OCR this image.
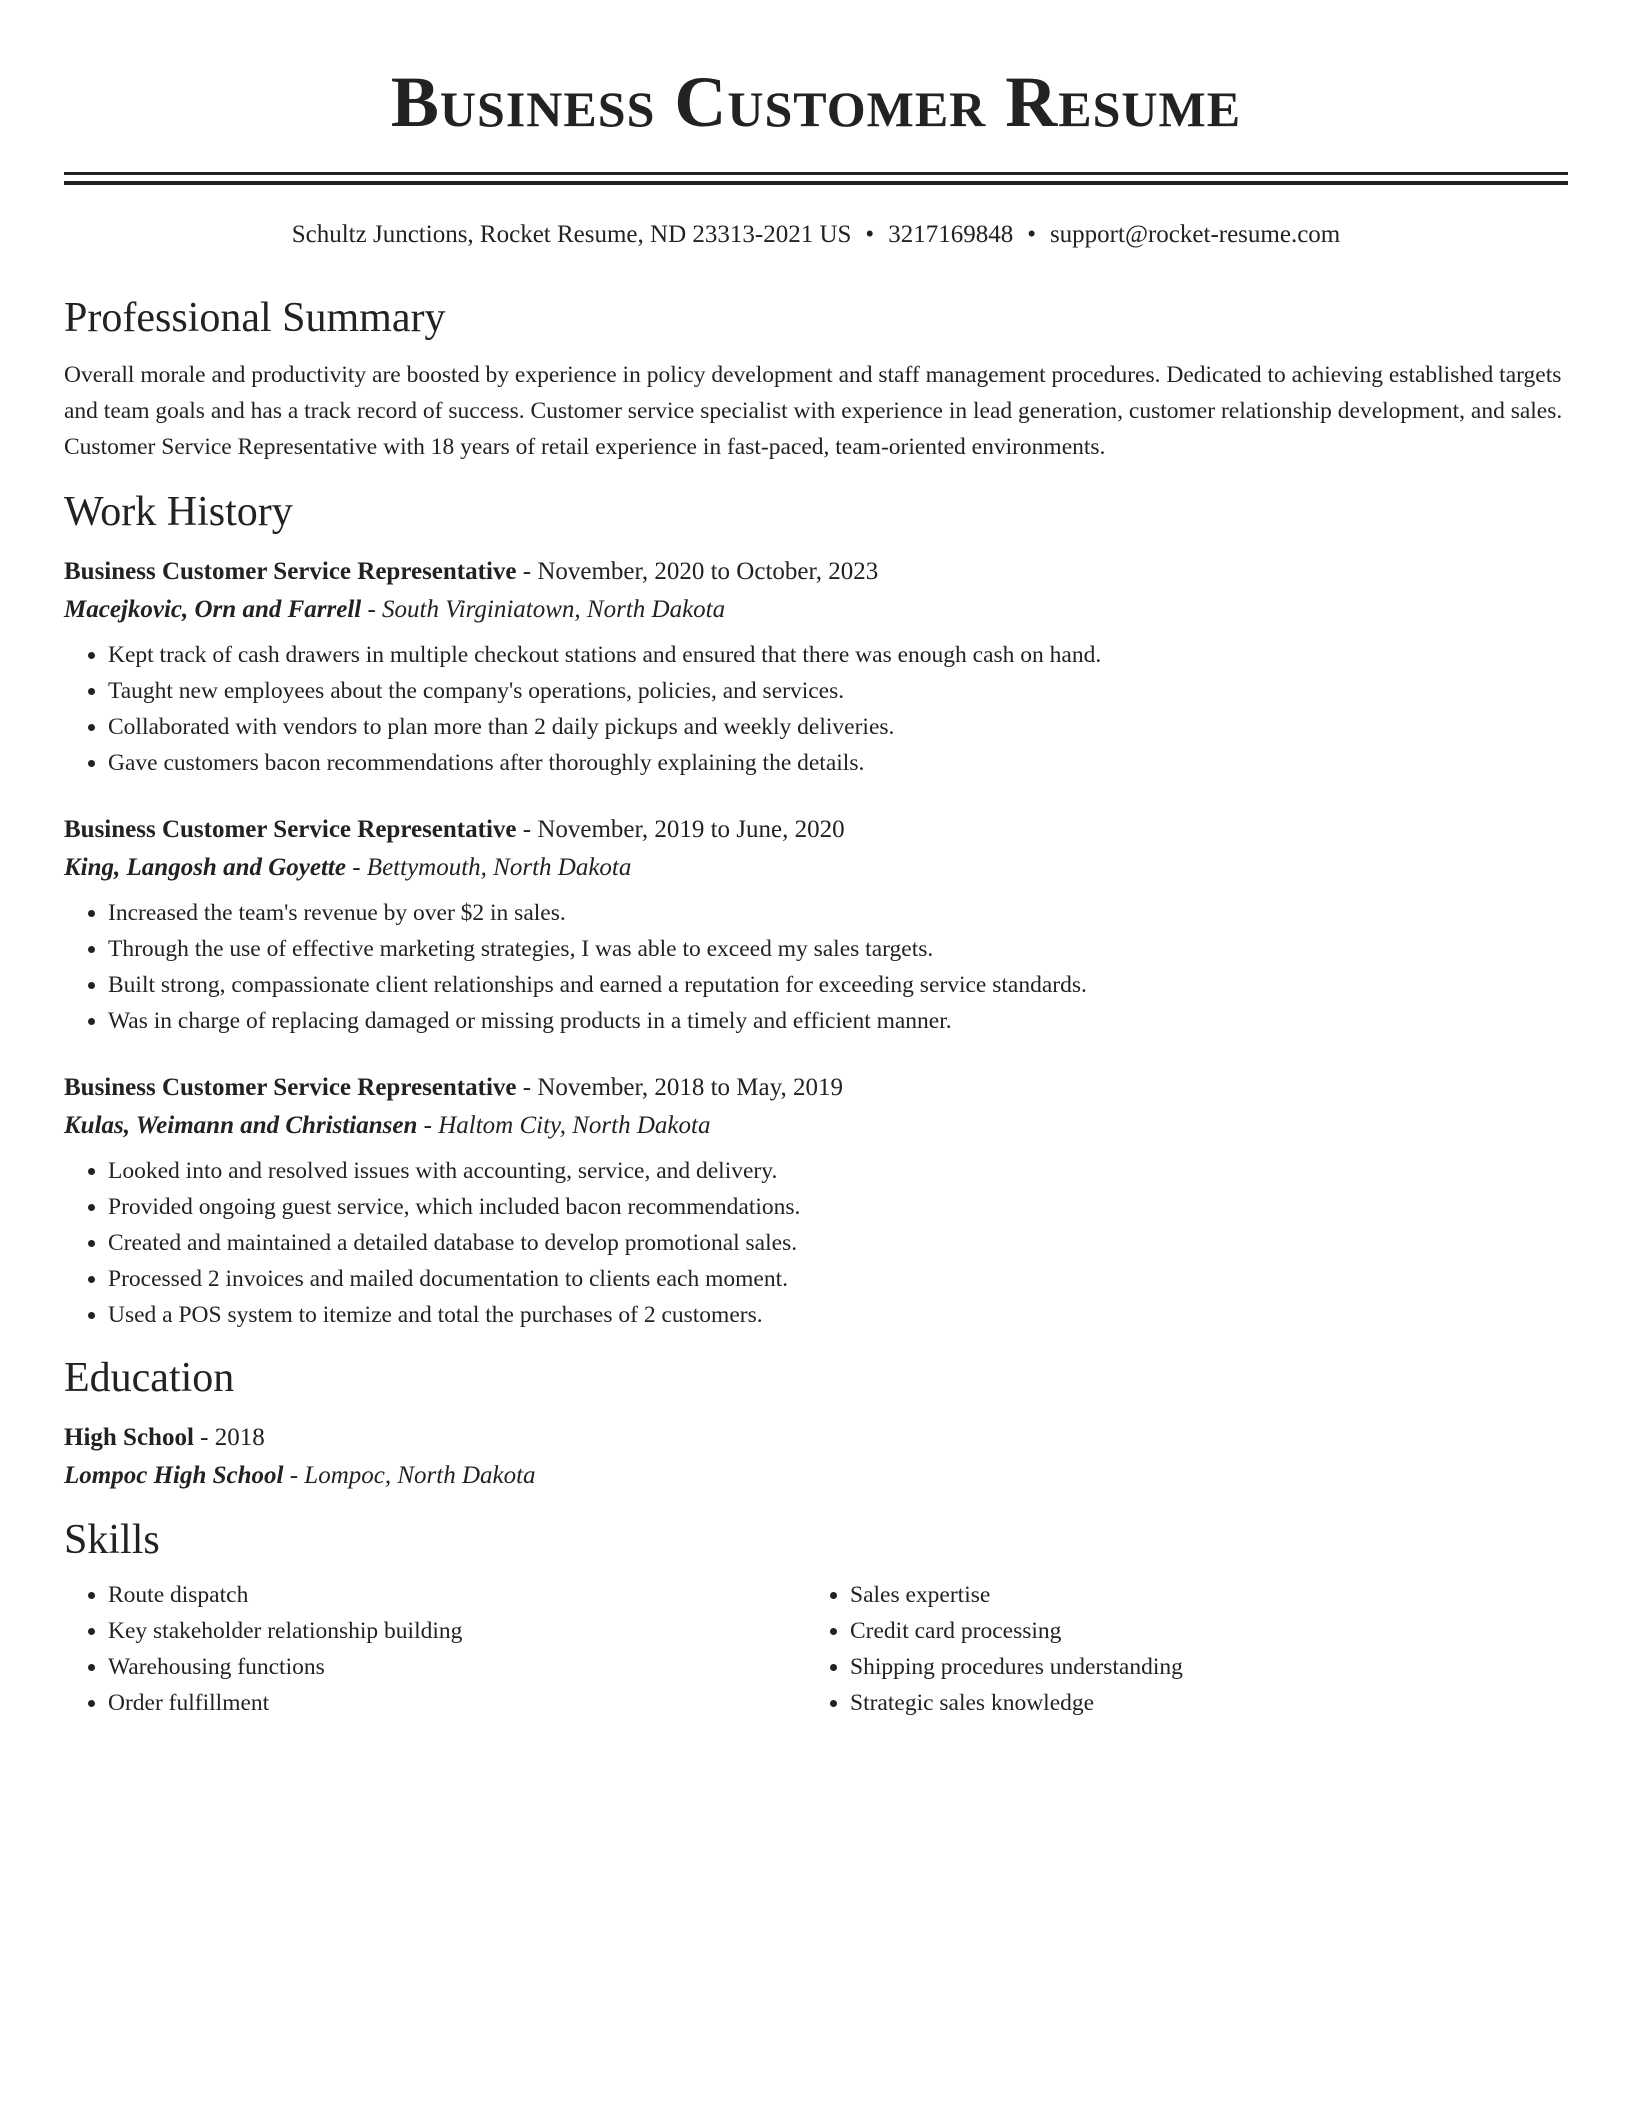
Business Customer Resume
Schultz Junctions, Rocket Resume, ND 23313-2021 US • 3217169848 • support@rocket-resume.com
Professional Summary
Overall morale and productivity are boosted by experience in policy development and staff management procedures. Dedicated to achieving established targets and team goals and has a track record of success. Customer service specialist with experience in lead generation, customer relationship development, and sales. Customer Service Representative with 18 years of retail experience in fast-paced, team-oriented environments.
Work History
Business Customer Service Representative - November, 2020 to October, 2023
Macejkovic, Orn and Farrell - South Virginiatown, North Dakota
• Kept track of cash drawers in multiple checkout stations and ensured that there was enough cash on hand.
• Taught new employees about the company's operations, policies, and services.
• Collaborated with vendors to plan more than 2 daily pickups and weekly deliveries.
• Gave customers bacon recommendations after thoroughly explaining the details.
Business Customer Service Representative - November, 2019 to June, 2020
King, Langosh and Goyette - Bettymouth, North Dakota
• Increased the team's revenue by over $2 in sales.
• Through the use of effective marketing strategies, I was able to exceed my sales targets.
• Built strong, compassionate client relationships and earned a reputation for exceeding service standards.
• Was in charge of replacing damaged or missing products in a timely and efficient manner.
Business Customer Service Representative - November, 2018 to May, 2019
Kulas, Weimann and Christiansen - Haltom City, North Dakota
• Looked into and resolved issues with accounting, service, and delivery.
• Provided ongoing guest service, which included bacon recommendations.
• Created and maintained a detailed database to develop promotional sales.
• Processed 2 invoices and mailed documentation to clients each moment.
• Used a POS system to itemize and total the purchases of 2 customers.
Education
High School - 2018
Lompoc High School - Lompoc, North Dakota
Skills
• Route dispatch
• Key stakeholder relationship building
• Warehousing functions
• Order fulfillment
• Sales expertise
• Credit card processing
• Shipping procedures understanding
• Strategic sales knowledge
